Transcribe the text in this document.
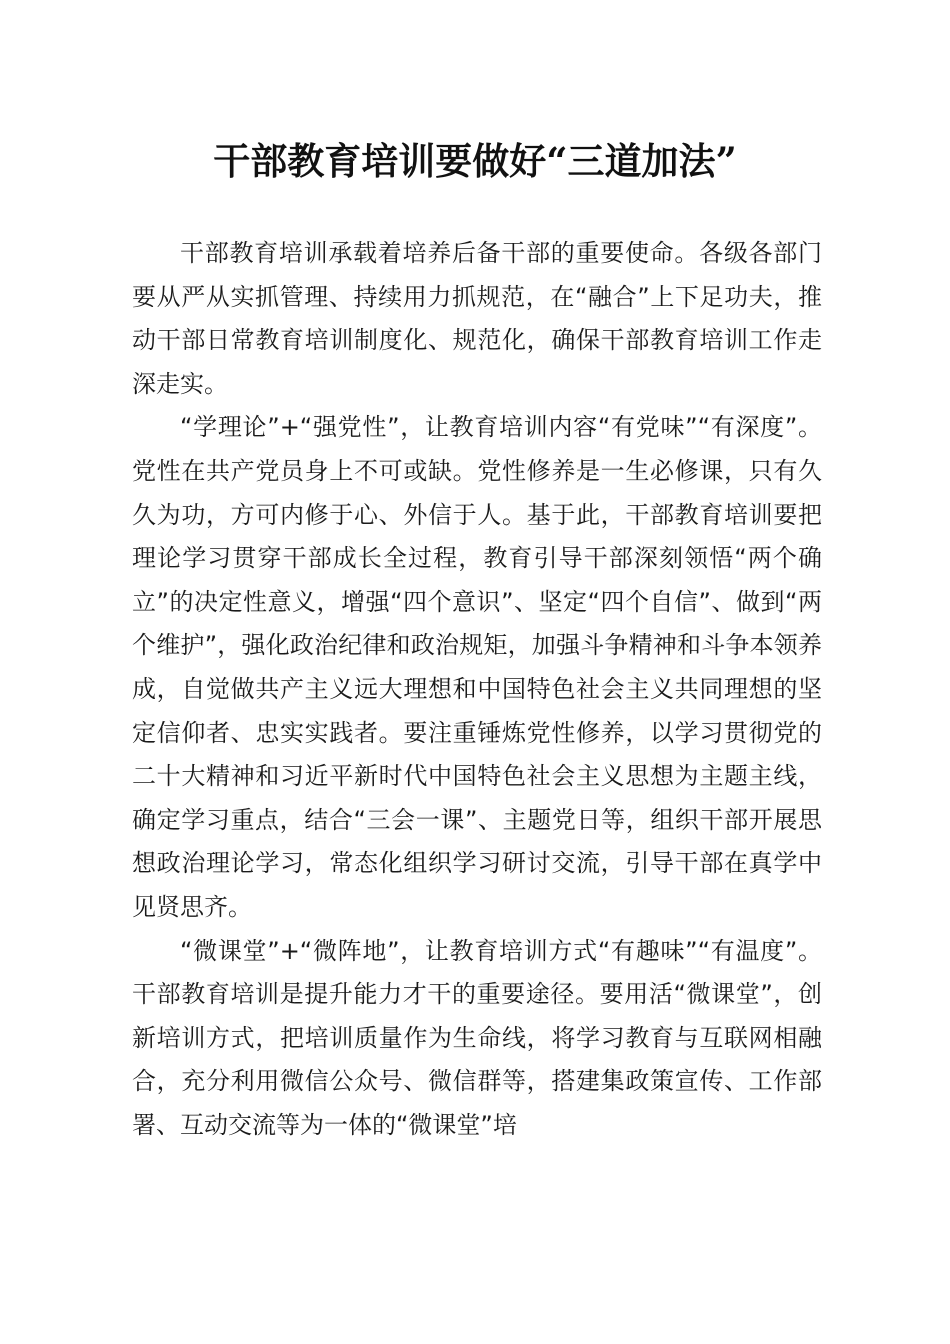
干部教育培训要做好“三道加法”

干部教育培训承载着培养后备干部的重要使命。各级各部门要从严从实抓管理、持续用力抓规范，在“融合”上下足功夫，推动干部日常教育培训制度化、规范化，确保干部教育培训工作走深走实。

“学理论”+“强党性”，让教育培训内容“有党味”“有深度”。党性在共产党员身上不可或缺。党性修养是一生必修课，只有久久为功，方可内修于心、外信于人。基于此，干部教育培训要把理论学习贯穿干部成长全过程，教育引导干部深刻领悟“两个确立”的决定性意义，增强“四个意识”、坚定“四个自信”、做到“两个维护”，强化政治纪律和政治规矩，加强斗争精神和斗争本领养成，自觉做共产主义远大理想和中国特色社会主义共同理想的坚定信仰者、忠实实践者。要注重锤炼党性修养，以学习贯彻党的二十大精神和习近平新时代中国特色社会主义思想为主题主线，确定学习重点，结合“三会一课”、主题党日等，组织干部开展思想政治理论学习，常态化组织学习研讨交流，引导干部在真学中见贤思齐。

“微课堂”+“微阵地”，让教育培训方式“有趣味”“有温度”。干部教育培训是提升能力才干的重要途径。要用活“微课堂”，创新培训方式，把培训质量作为生命线，将学习教育与互联网相融合，充分利用微信公众号、微信群等，搭建集政策宣传、工作部署、互动交流等为一体的“微课堂”培
